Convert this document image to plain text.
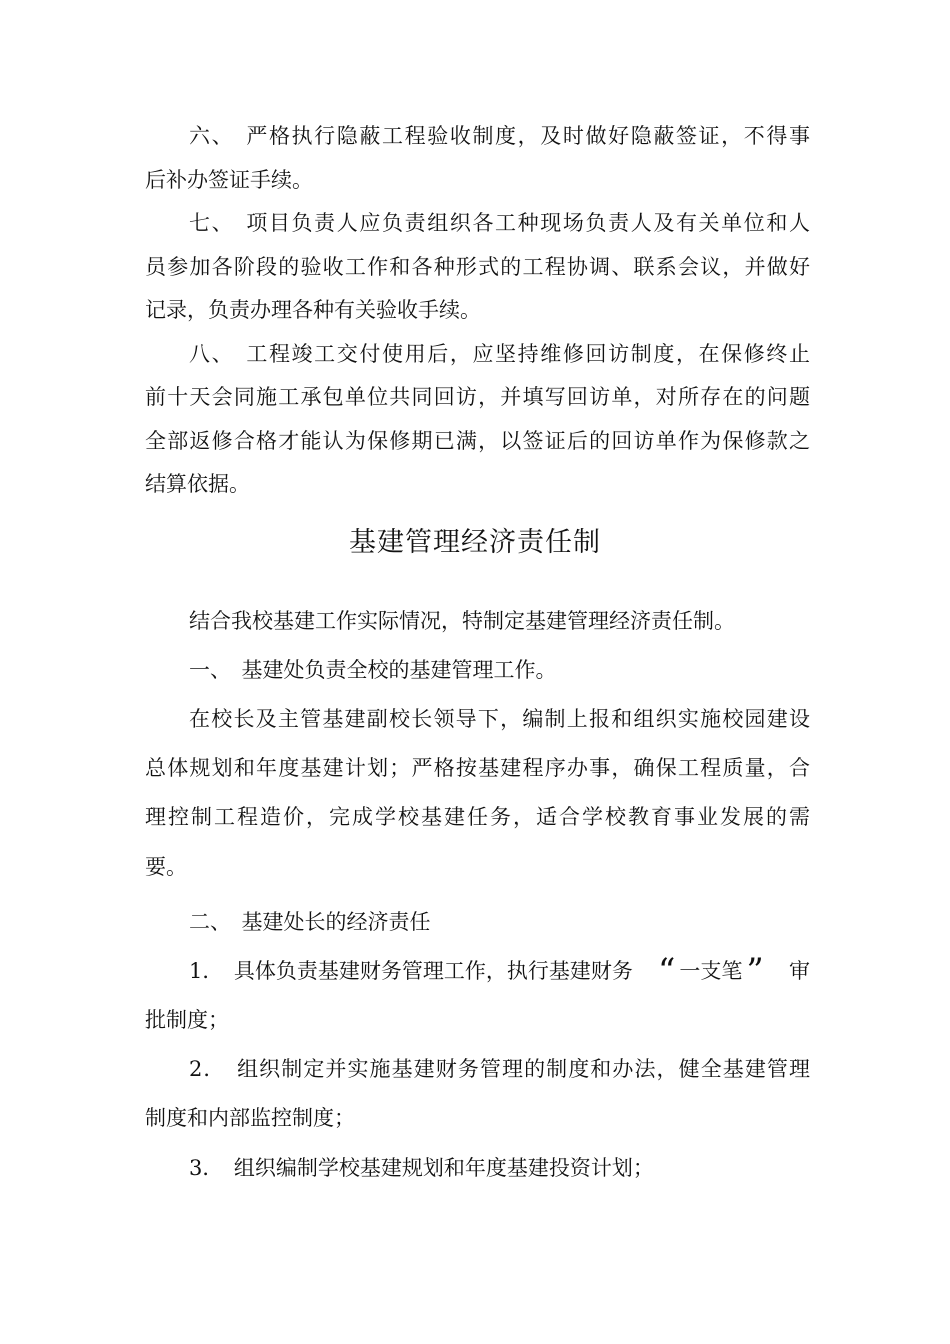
六、　严格执行隐蔽工程验收制度，及时做好隐蔽签证，不得事
后补办签证手续。
七、　项目负责人应负责组织各工种现场负责人及有关单位和人
员参加各阶段的验收工作和各种形式的工程协调、联系会议，并做好
记录，负责办理各种有关验收手续。
八、　工程竣工交付使用后，应坚持维修回访制度，在保修终止
前十天会同施工承包单位共同回访，并填写回访单，对所存在的问题
全部返修合格才能认为保修期已满，以签证后的回访单作为保修款之
结算依据。
基建管理经济责任制
结合我校基建工作实际情况，特制定基建管理经济责任制。
一、　基建处负责全校的基建管理工作。
在校长及主管基建副校长领导下，编制上报和组织实施校园建设
总体规划和年度基建计划；严格按基建程序办事，确保工程质量，合
理控制工程造价，完成学校基建任务，适合学校教育事业发展的需
要。
二、　基建处长的经济责任
1．　具体负责基建财务管理工作，执行基建财务 “ 一支笔 ” 审
批制度；
2．　组织制定并实施基建财务管理的制度和办法，健全基建管理
制度和内部监控制度；
3．　组织编制学校基建规划和年度基建投资计划；
